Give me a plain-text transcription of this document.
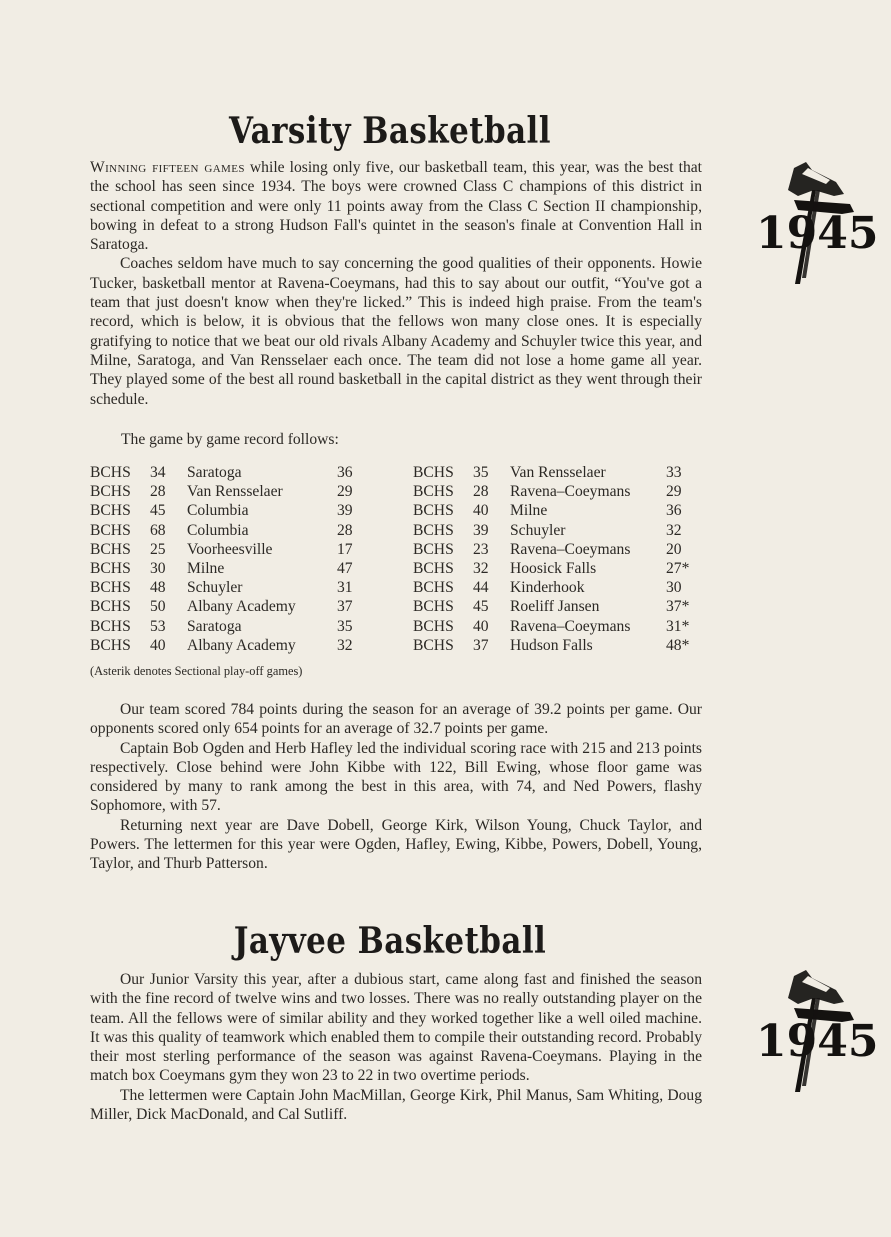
Varsity Basketball

Winning fifteen games while losing only five, our basketball team, this year, was the best that the school has seen since 1934. The boys were crowned Class C champions of this district in sectional competition and were only 11 points away from the Class C Section II championship, bowing in defeat to a strong Hudson Fall's quintet in the season's finale at Convention Hall in Saratoga.

Coaches seldom have much to say concerning the good qualities of their opponents. Howie Tucker, basketball mentor at Ravena-Coeymans, had this to say about our outfit, “You've got a team that just doesn't know when they're licked.” This is indeed high praise. From the team's record, which is below, it is obvious that the fellows won many close ones. It is especially gratifying to notice that we beat our old rivals Albany Academy and Schuyler twice this year, and Milne, Saratoga, and Van Rensselaer each once. The team did not lose a home game all year. They played some of the best all round basketball in the capital district as they went through their schedule.

The game by game record follows:
BCHS	34	Saratoga	36
BCHS	28	Van Rensselaer	29
BCHS	45	Columbia	39
BCHS	68	Columbia	28
BCHS	25	Voorheesville	17
BCHS	30	Milne	47
BCHS	48	Schuyler	31
BCHS	50	Albany Academy	37
BCHS	53	Saratoga	35
BCHS	40	Albany Academy	32
BCHS	35	Van Rensselaer	33
BCHS	28	Ravena–Coeymans	29
BCHS	40	Milne	36
BCHS	39	Schuyler	32
BCHS	23	Ravena–Coeymans	20
BCHS	32	Hoosick Falls	27*
BCHS	44	Kinderhook	30
BCHS	45	Roeliff Jansen	37*
BCHS	40	Ravena–Coeymans	31*
BCHS	37	Hudson Falls	48*
(Asterik denotes Sectional play-off games)

Our team scored 784 points during the season for an average of 39.2 points per game. Our opponents scored only 654 points for an average of 32.7 points per game.

Captain Bob Ogden and Herb Hafley led the individual scoring race with 215 and 213 points respectively. Close behind were John Kibbe with 122, Bill Ewing, whose floor game was considered by many to rank among the best in this area, with 74, and Ned Powers, flashy Sophomore, with 57.

Returning next year are Dave Dobell, George Kirk, Wilson Young, Chuck Taylor, and Powers. The lettermen for this year were Ogden, Hafley, Ewing, Kibbe, Powers, Dobell, Young, Taylor, and Thurb Patterson.

Jayvee Basketball

Our Junior Varsity this year, after a dubious start, came along fast and finished the season with the fine record of twelve wins and two losses. There was no really outstanding player on the team. All the fellows were of similar ability and they worked together like a well oiled machine. It was this quality of teamwork which enabled them to compile their outstanding record. Probably their most sterling performance of the season was against Ravena-Coeymans. Playing in the match box Coeymans gym they won 23 to 22 in two overtime periods.

The lettermen were Captain John MacMillan, George Kirk, Phil Manus, Sam Whiting, Doug Miller, Dick MacDonald, and Cal Sutliff.

1945
1945
